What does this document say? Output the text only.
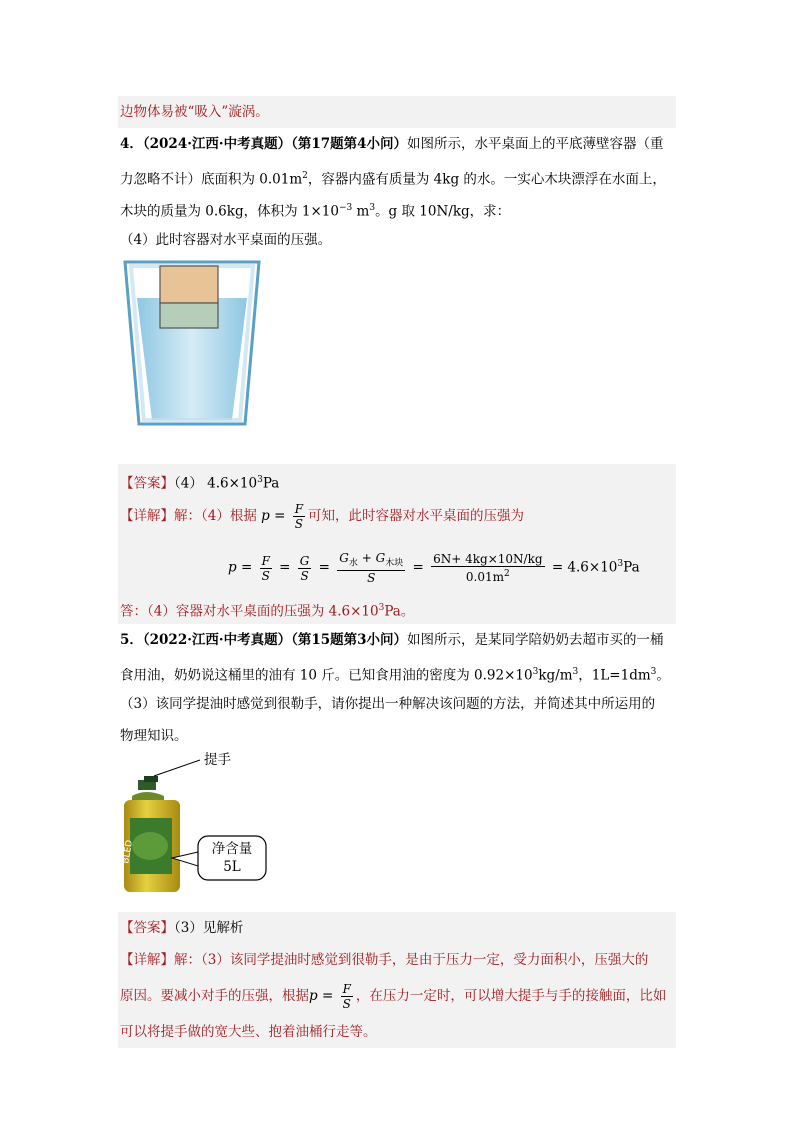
边物体易被“吸入”漩涡。
4．（2024·江西·中考真题）（第17题第4小问）如图所示，水平桌面上的平底薄壁容器（重
力忽略不计）底面积为 $0.01m^2$，容器内盛有质量为 4kg 的水。一实心木块漂浮在水面上，
木块的质量为 0.6kg，体积为 $1\times 10^{-3}$ $m^3$。g 取 10N/kg，求：
（4）此时容器对水平桌面的压强。
【答案】（4） $4.6\times 10^3Pa$
【详解】解：（4）根据 $p = \frac{F}{S}$ 可知，此时容器对水平桌面的压强为
$p = \frac{F}{S} = \frac{G}{S} = \frac{G_水 + G_{木块}}{S} = \frac{6N+ 4kg\times 10N/kg}{0.01m^2} = 4.6\times 10^3Pa$
答：（4）容器对水平桌面的压强为 $4.6\times 10^3Pa$。
5．（2022·江西·中考真题）（第15题第3小问）如图所示，是某同学陪奶奶去超市买的一桶
食用油，奶奶说这桶里的油有 10 斤。已知食用油的密度为 $0.92\times 10^3kg/m^3$，$1L=1dm^3$。
（3）该同学提油时感觉到很勒手，请你提出一种解决该问题的方法，并简述其中所运用的
物理知识。
BLED
提手
净含量
5L
【答案】（3）见解析
【详解】解：（3）该同学提油时感觉到很勒手，是由于压力一定，受力面积小，压强大的
原因。要减小对手的压强，根据$p = \frac{F}{S}$ ，在压力一定时，可以增大提手与手的接触面，比如
可以将提手做的宽大些、抱着油桶行走等。
